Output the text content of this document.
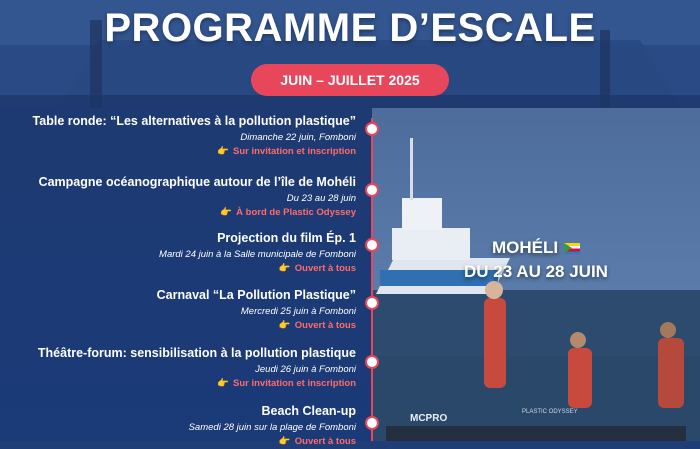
PROGRAMME D’ESCALE
JUIN – JUILLET 2025
MCPRO
PLASTIC ODYSSEY
MOHÉLI
DU 23 AU 28 JUIN
Table ronde: “Les alternatives à la pollution plastique”
Dimanche 22 juin, Fomboni
👉 Sur invitation et inscription
Campagne océanographique autour de l’île de Mohéli
Du 23 au 28 juin
👉 À bord de Plastic Odyssey
Projection du film Ép. 1
Mardi 24 juin à la Salle municipale de Fomboni
👉 Ouvert à tous
Carnaval “La Pollution Plastique”
Mercredi 25 juin à Fomboni
👉 Ouvert à tous
Théâtre-forum: sensibilisation à la pollution plastique
Jeudi 26 juin à Fomboni
👉 Sur invitation et inscription
Beach Clean-up
Samedi 28 juin sur la plage de Fomboni
👉 Ouvert à tous
